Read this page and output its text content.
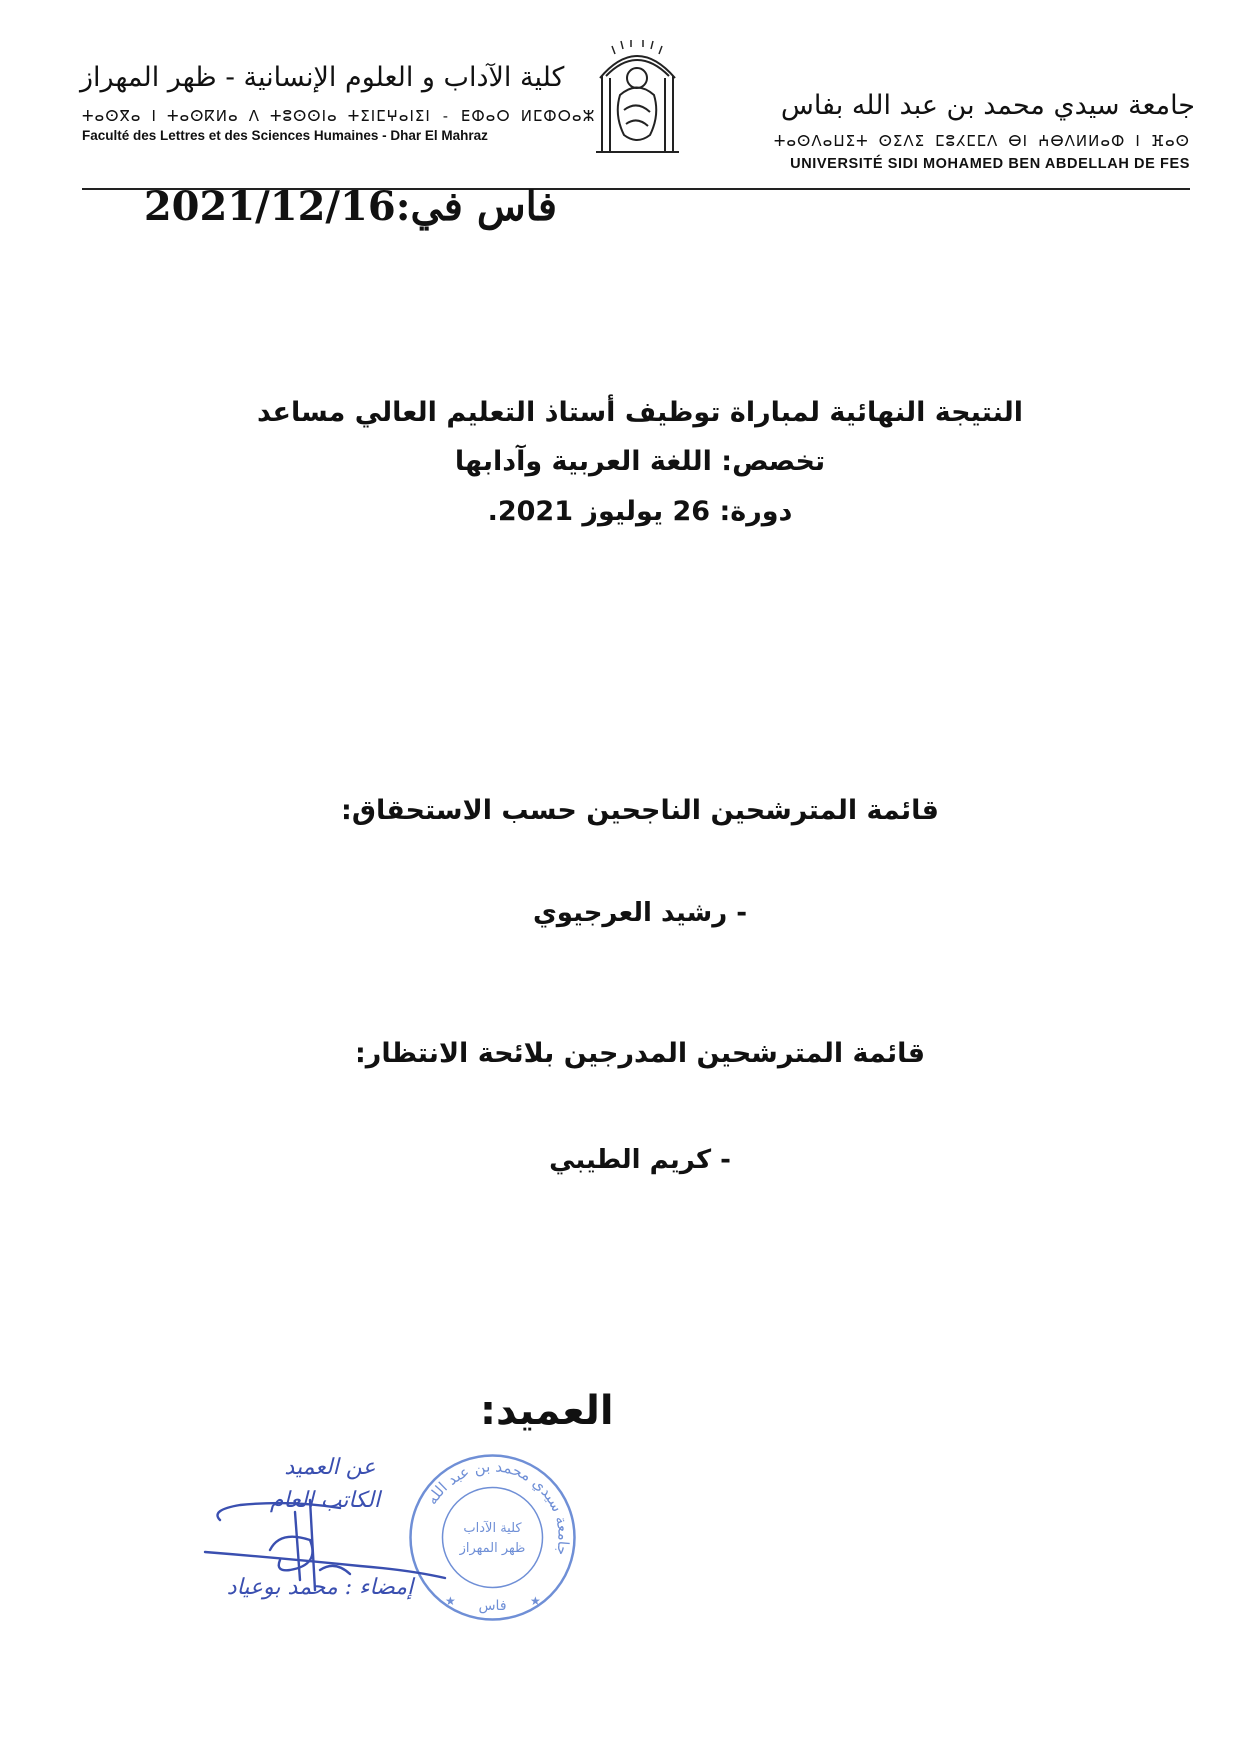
جامعة سيدي محمد بن عبد الله بفاس
ⵜⴰⵙⴷⴰⵡⵉⵜ ⵙⵉⴷⵉ ⵎⵓⵃⵎⵎⴷ ⴱⵏ ⵄⴱⴷⵍⵍⴰⵀ ⵏ ⴼⴰⵙ
UNIVERSITÉ SIDI MOHAMED BEN ABDELLAH DE FES
كلية الآداب و العلوم الإنسانية - ظهر المهراز
ⵜⴰⵙⴳⴰ ⵏ ⵜⴰⵙⴽⵍⴰ ⴷ ⵜⵓⵙⵙⵏⴰ ⵜⵉⵏⵎⵖⴰⵏⵉⵏ - ⴹⵀⴰⵔ ⵍⵎⵀⵔⴰⵣ
Faculté des Lettres et des Sciences Humaines - Dhar El Mahraz
فاس في:2021/12/16
النتيجة النهائية لمباراة توظيف أستاذ التعليم العالي مساعد
تخصص: اللغة العربية وآدابها
دورة: 26 يوليوز 2021.
قائمة المترشحين الناجحين حسب الاستحقاق:
- رشيد العرجيوي
قائمة المترشحين المدرجين بلائحة الانتظار:
- كريم الطيبي
العميد:
جامعة سيدي محمد بن عبد الله
كلية الآداب
ظهر المهراز
فاس
★	★
عن العميد
الكاتب العام
إمضاء : محمد بوعياد
